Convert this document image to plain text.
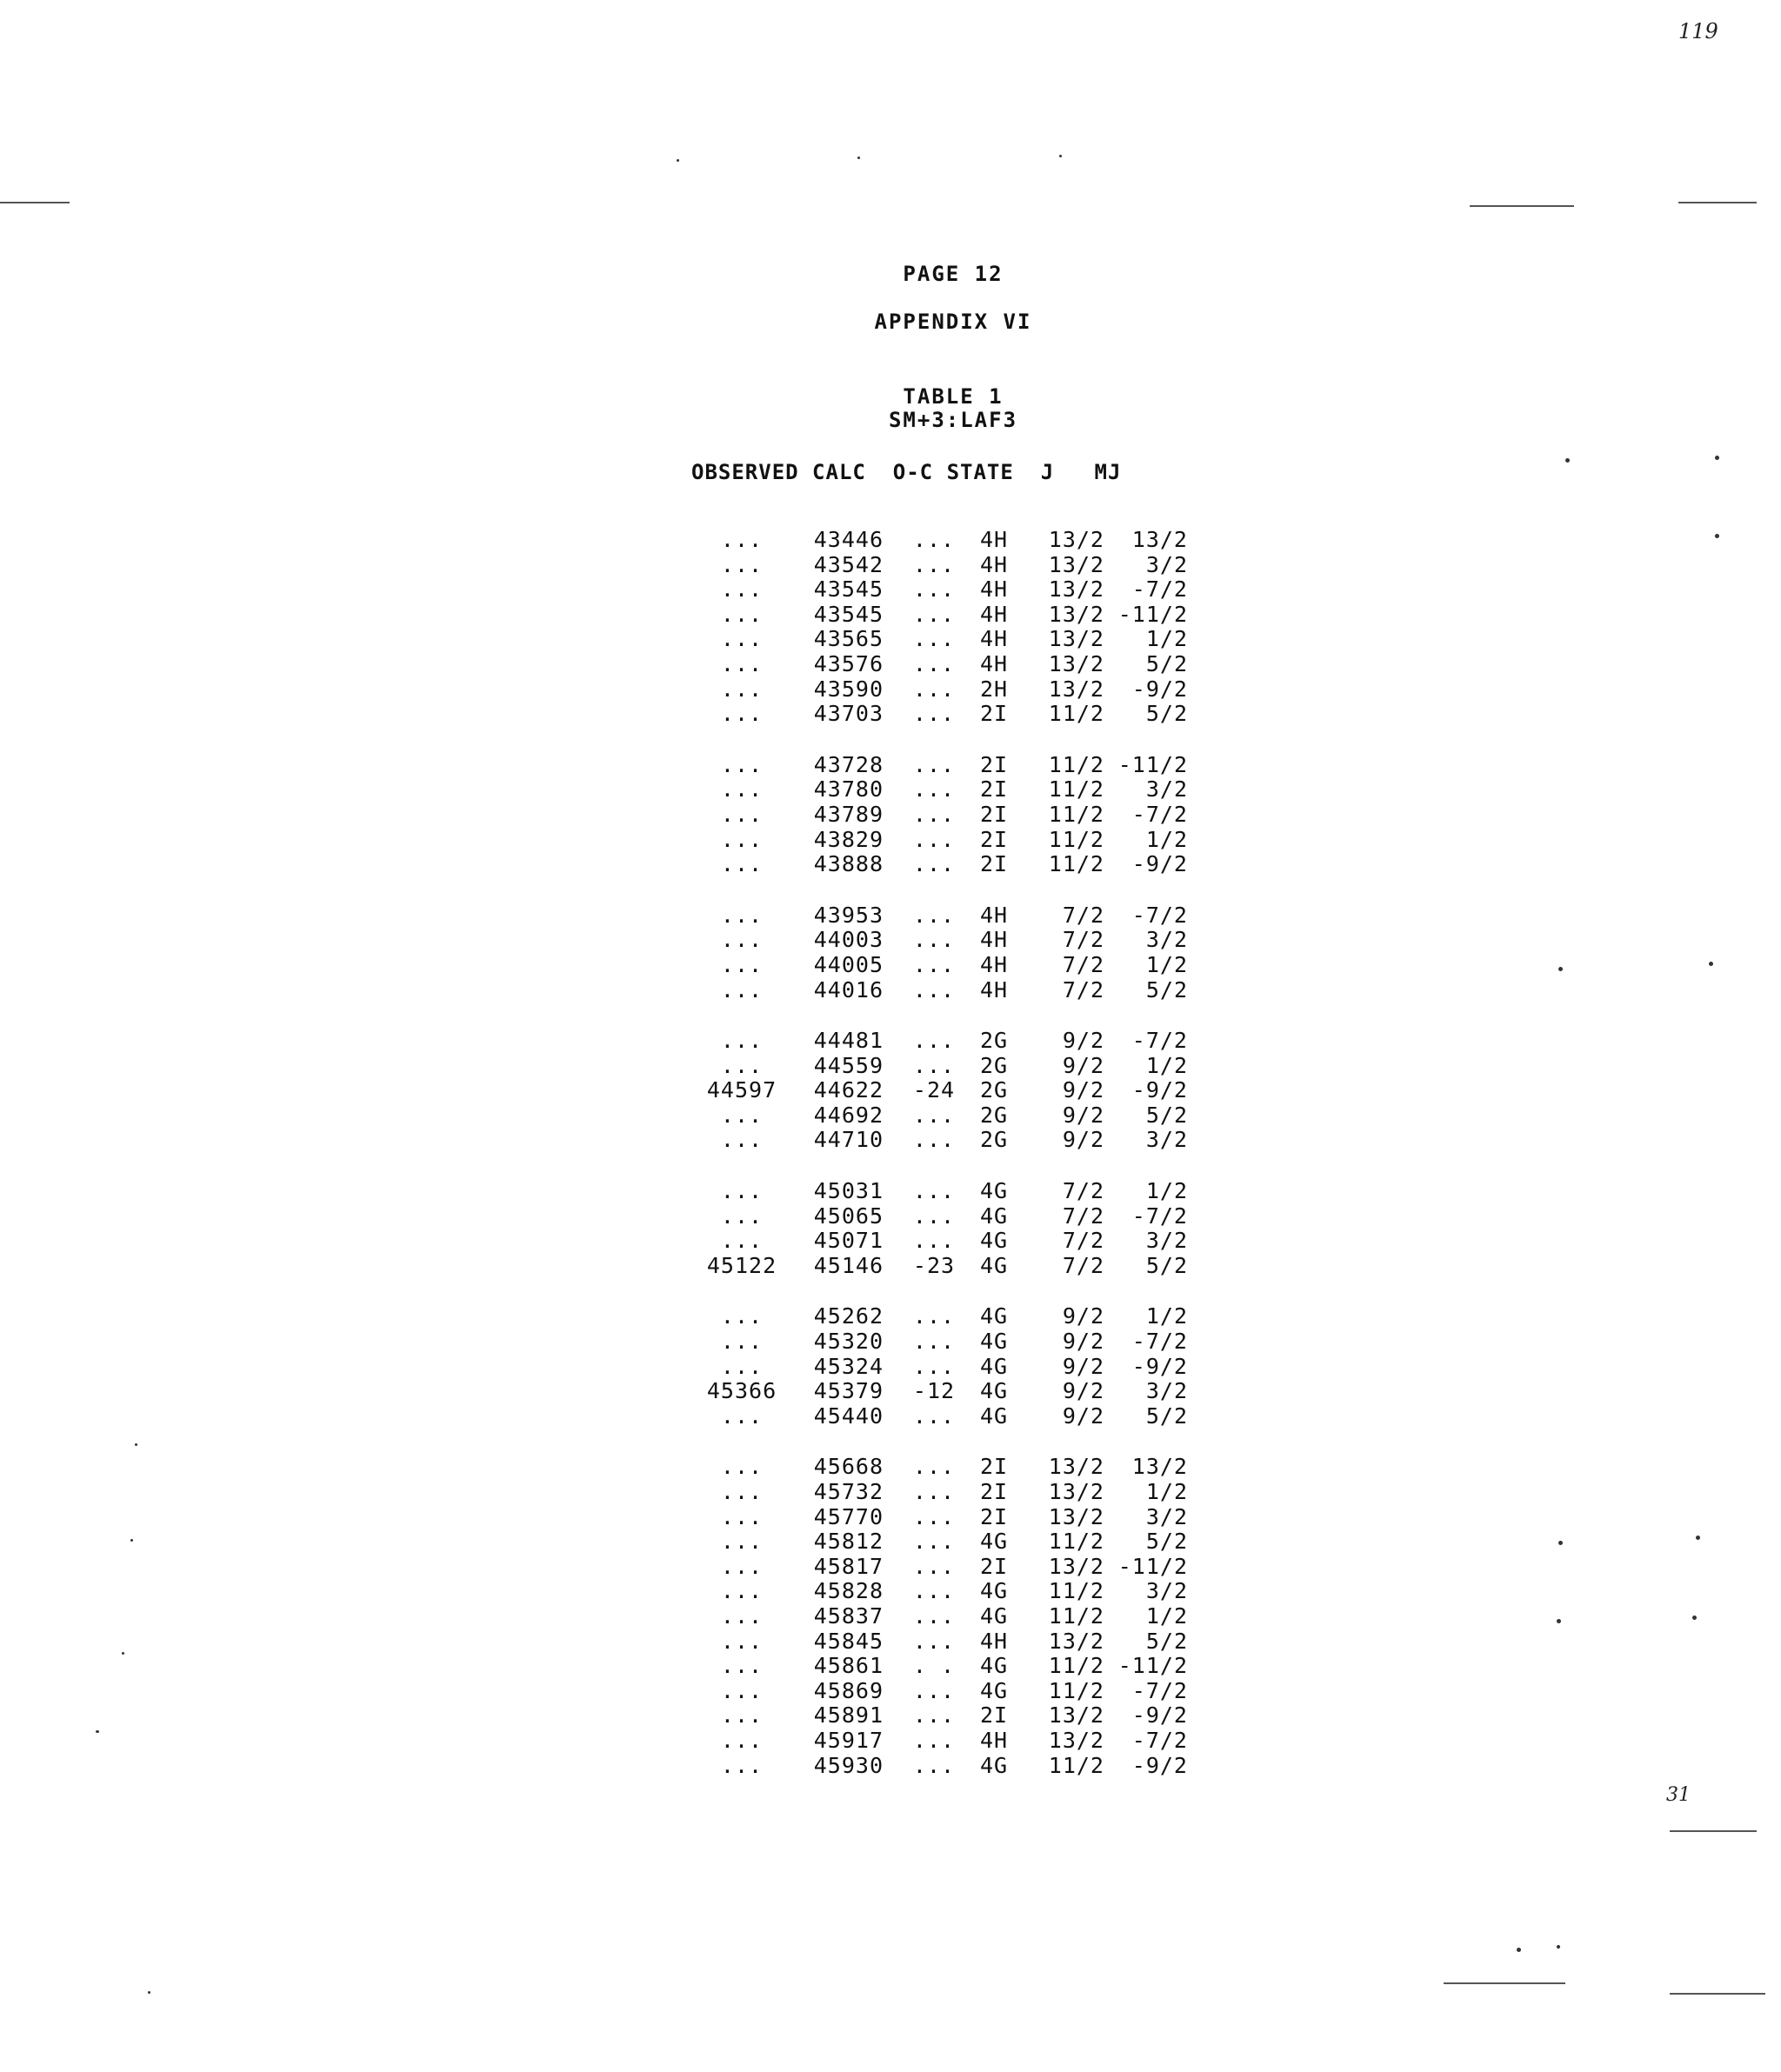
119
31
PAGE 12
APPENDIX VI
TABLE 1
SM+3:LAF3
OBSERVED CALC O-C STATE J MJ
...	43446	...	4H	13/2	13/2
...	43542	...	4H	13/2	3/2
...	43545	...	4H	13/2	-7/2
...	43545	...	4H	13/2	-11/2
...	43565	...	4H	13/2	1/2
...	43576	...	4H	13/2	5/2
...	43590	...	2H	13/2	-9/2
...	43703	...	2I	11/2	5/2

...	43728	...	2I	11/2	-11/2
...	43780	...	2I	11/2	3/2
...	43789	...	2I	11/2	-7/2
...	43829	...	2I	11/2	1/2
...	43888	...	2I	11/2	-9/2

...	43953	...	4H	7/2	-7/2
...	44003	...	4H	7/2	3/2
...	44005	...	4H	7/2	1/2
...	44016	...	4H	7/2	5/2

...	44481	...	2G	9/2	-7/2
...	44559	...	2G	9/2	1/2
44597	44622	-24	2G	9/2	-9/2
...	44692	...	2G	9/2	5/2
...	44710	...	2G	9/2	3/2

...	45031	...	4G	7/2	1/2
...	45065	...	4G	7/2	-7/2
...	45071	...	4G	7/2	3/2
45122	45146	-23	4G	7/2	5/2

...	45262	...	4G	9/2	1/2
...	45320	...	4G	9/2	-7/2
...	45324	...	4G	9/2	-9/2
45366	45379	-12	4G	9/2	3/2
...	45440	...	4G	9/2	5/2

...	45668	...	2I	13/2	13/2
...	45732	...	2I	13/2	1/2
...	45770	...	2I	13/2	3/2
...	45812	...	4G	11/2	5/2
...	45817	...	2I	13/2	-11/2
...	45828	...	4G	11/2	3/2
...	45837	...	4G	11/2	1/2
...	45845	...	4H	13/2	5/2
...	45861	. .	4G	11/2	-11/2
...	45869	...	4G	11/2	-7/2
...	45891	...	2I	13/2	-9/2
...	45917	...	4H	13/2	-7/2
...	45930	...	4G	11/2	-9/2
